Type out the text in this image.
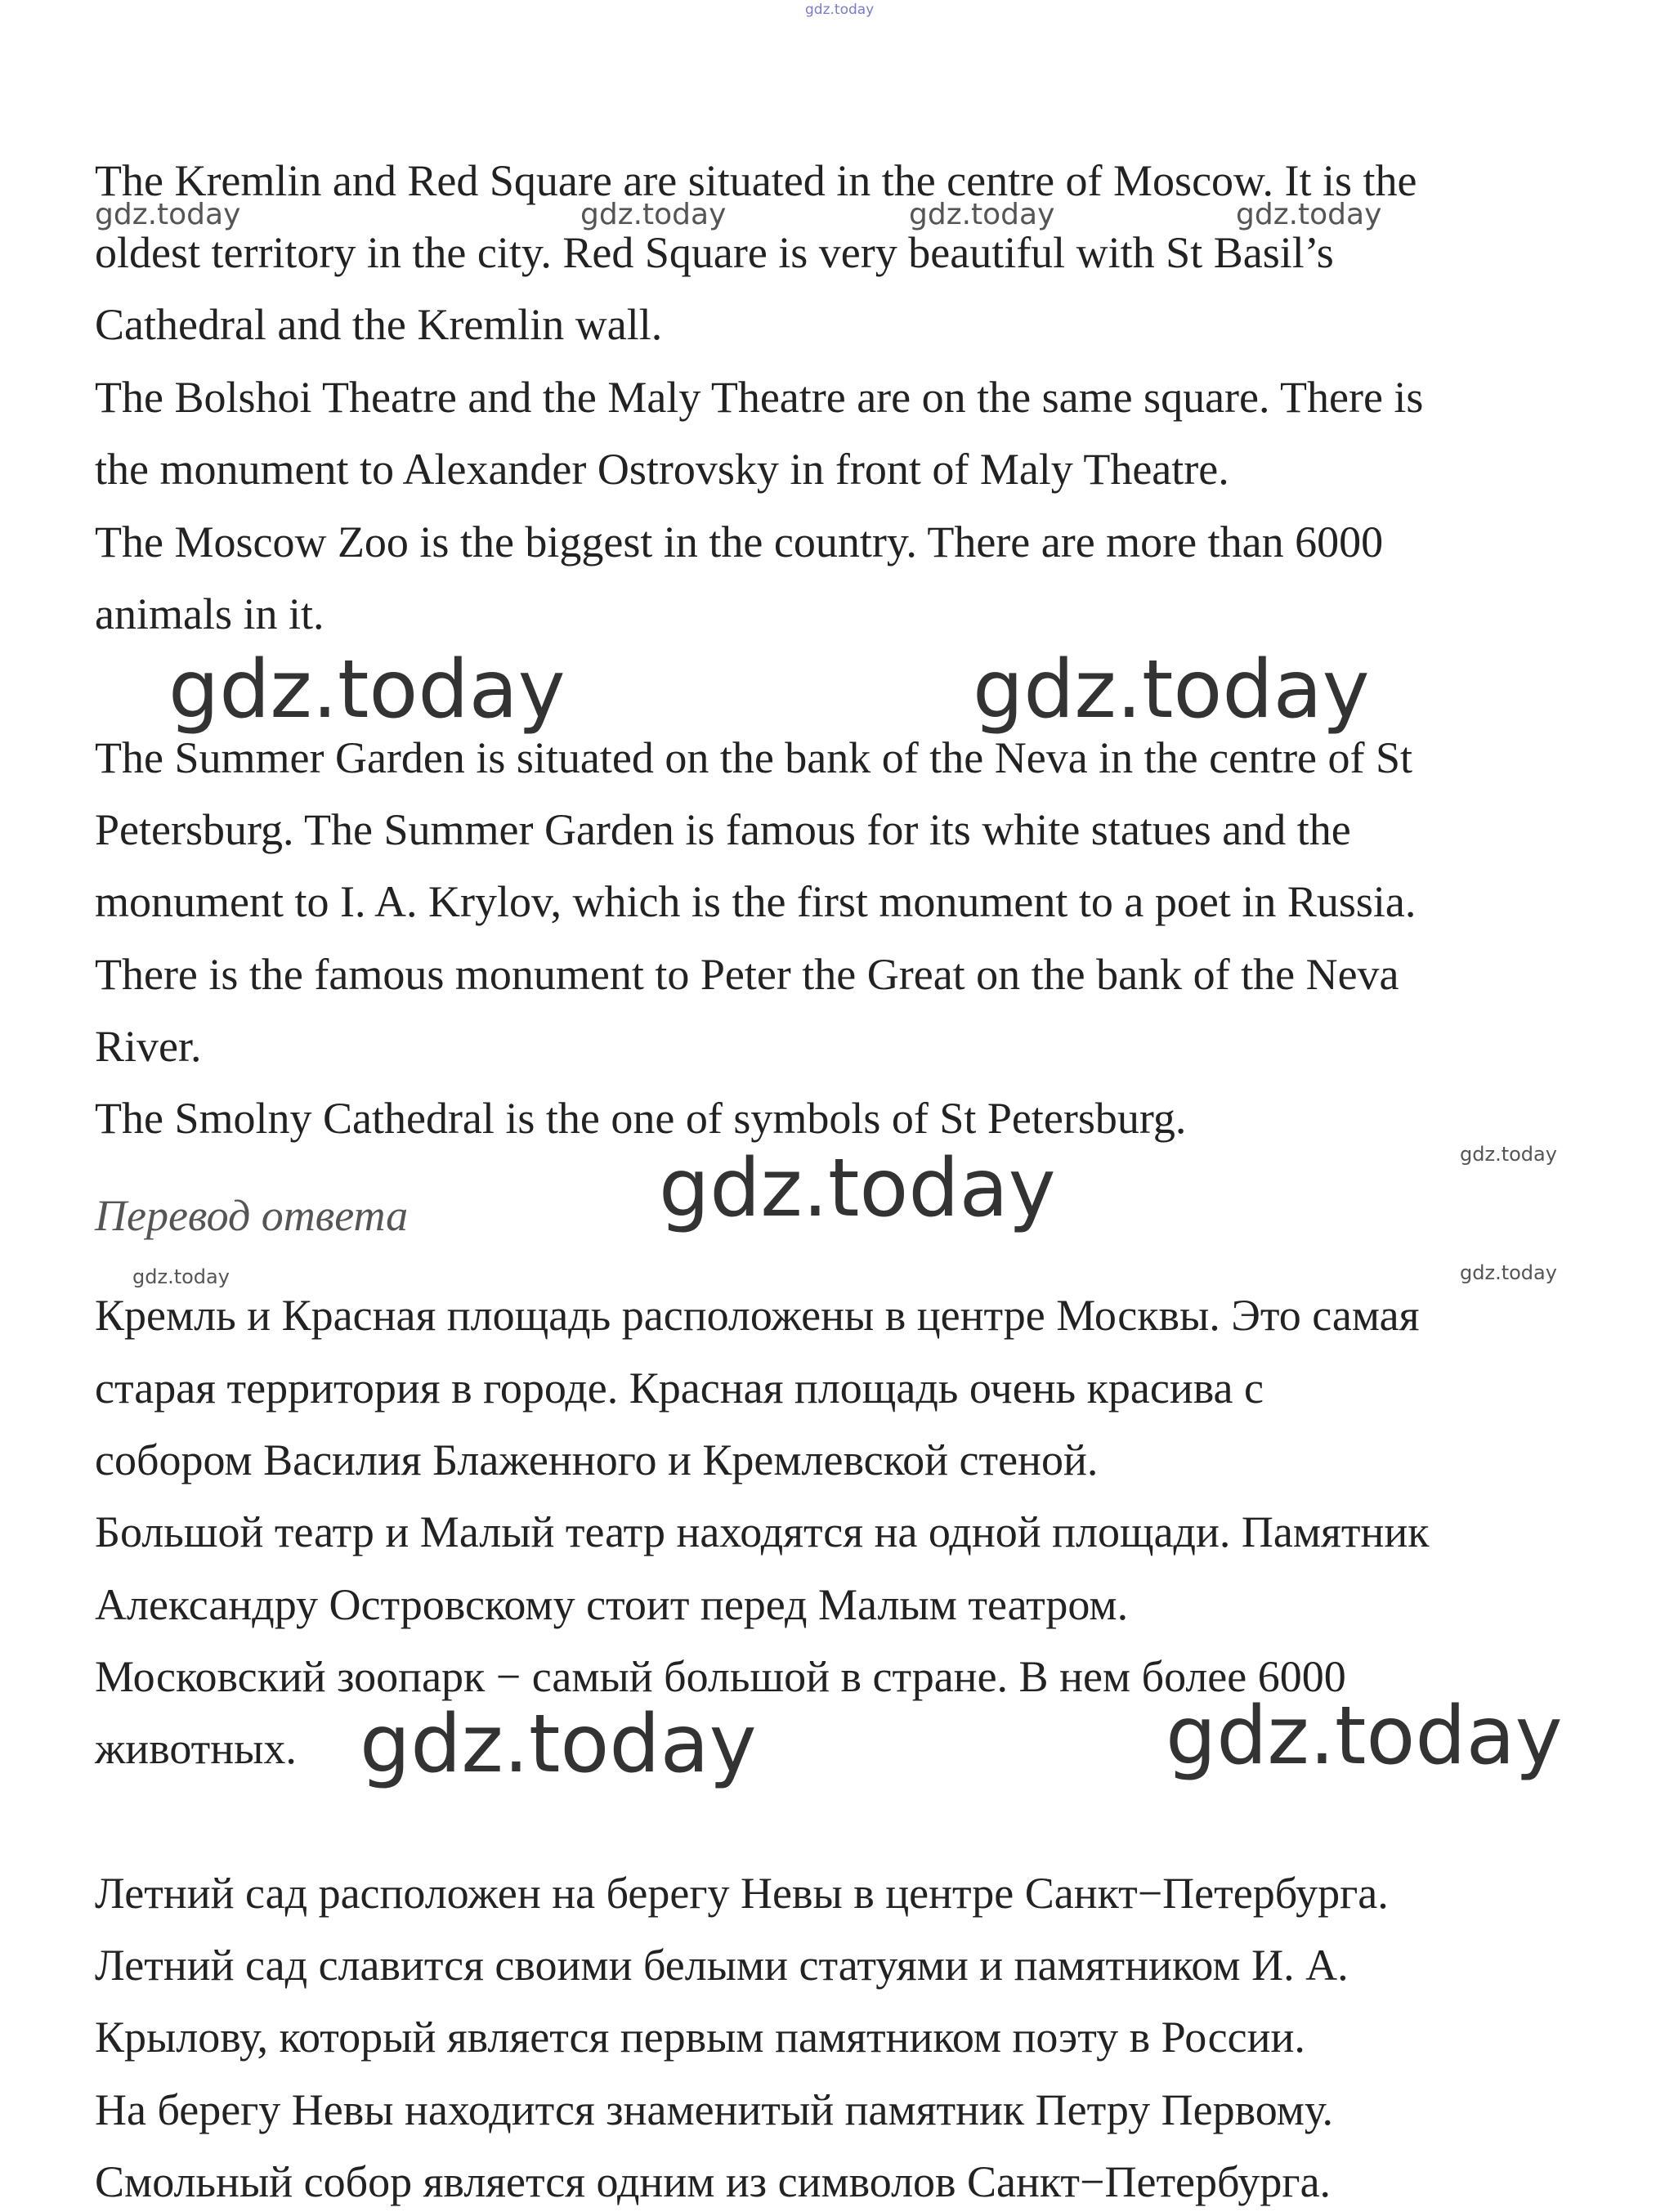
gdz.today
gdz.today	gdz.today	gdz.today	gdz.today
gdz.today	gdz.today
gdz.today
gdz.today
gdz.today	gdz.today
gdz.today	gdz.today
The Kremlin and Red Square are situated in the centre of Moscow. It is the
oldest territory in the city. Red Square is very beautiful with St Basil’s
Cathedral and the Kremlin wall.
The Bolshoi Theatre and the Maly Theatre are on the same square. There is
the monument to Alexander Ostrovsky in front of Maly Theatre.
The Moscow Zoo is the biggest in the country. There are more than 6000
animals in it.
The Summer Garden is situated on the bank of the Neva in the centre of St
Petersburg. The Summer Garden is famous for its white statues and the
monument to I. A. Krylov, which is the first monument to a poet in Russia.
There is the famous monument to Peter the Great on the bank of the Neva
River.
The Smolny Cathedral is the one of symbols of St Petersburg.
Перевод ответа
Кремль и Красная площадь расположены в центре Москвы. Это самая
старая территория в городе. Красная площадь очень красива с
собором Василия Блаженного и Кремлевской стеной.
Большой театр и Малый театр находятся на одной площади. Памятник
Александру Островскому стоит перед Малым театром.
Московский зоопарк − самый большой в стране. В нем более 6000
животных.
Летний сад расположен на берегу Невы в центре Санкт−Петербурга.
Летний сад славится своими белыми статуями и памятником И. А.
Крылову, который является первым памятником поэту в России.
На берегу Невы находится знаменитый памятник Петру Первому.
Смольный собор является одним из символов Санкт−Петербурга.
